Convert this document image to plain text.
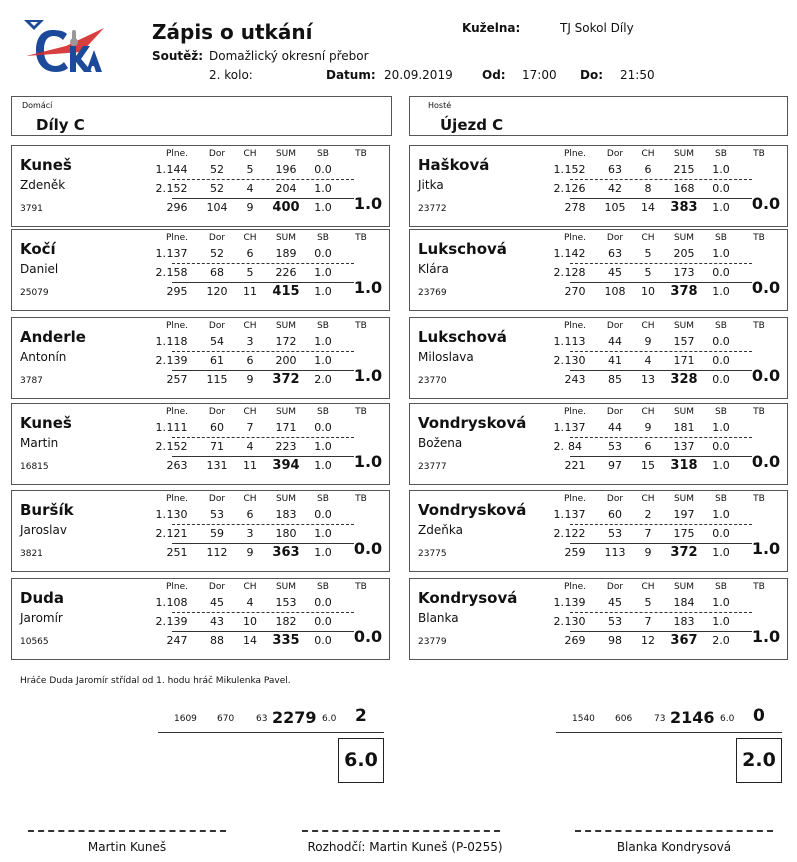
Zápis o utkání	Kuželna:	TJ Sokol Díly
Soutěž: Domažlický okresní přebor
2. kolo:	Datum: 20.09.2019 Od: 17:00 Do: 21:50
Domácí
Díly C
Hosté
Újezd C
Kuneš
Zdeněk
3791
Plne.	Dor	CH	SUM	SB	TB
1. 144	52	5	196	0.0
2. 152	52	4	204	1.0
296	104	9	400	1.0	1.0
Kočí
Daniel
25079
Plne.	Dor	CH	SUM	SB	TB
1. 137	52	6	189	0.0
2. 158	68	5	226	1.0
295	120	11	415	1.0	1.0
Anderle
Antonín
3787
Plne.	Dor	CH	SUM	SB	TB
1. 118	54	3	172	1.0
2. 139	61	6	200	1.0
257	115	9	372	2.0	1.0
Kuneš
Martin
16815
Plne.	Dor	CH	SUM	SB	TB
1. 111	60	7	171	0.0
2. 152	71	4	223	1.0
263	131	11	394	1.0	1.0
Buršík
Jaroslav
3821
Plne.	Dor	CH	SUM	SB	TB
1. 130	53	6	183	0.0
2. 121	59	3	180	1.0
251	112	9	363	1.0	0.0
Duda
Jaromír
10565
Plne.	Dor	CH	SUM	SB	TB
1. 108	45	4	153	0.0
2. 139	43	10	182	0.0
247	88	14	335	0.0	0.0
Hašková
Jitka
23772
Plne.	Dor	CH	SUM	SB	TB
1. 152	63	6	215	1.0
2. 126	42	8	168	0.0
278	105	14	383	1.0	0.0
Lukschová
Klára
23769
Plne.	Dor	CH	SUM	SB	TB
1. 142	63	5	205	1.0
2. 128	45	5	173	0.0
270	108	10	378	1.0	0.0
Lukschová
Miloslava
23770
Plne.	Dor	CH	SUM	SB	TB
1. 113	44	9	157	0.0
2. 130	41	4	171	0.0
243	85	13	328	0.0	0.0
Vondrysková
Božena
23777
Plne.	Dor	CH	SUM	SB	TB
1. 137	44	9	181	1.0
2. 84	53	6	137	0.0
221	97	15	318	1.0	0.0
Vondrysková
Zdeňka
23775
Plne.	Dor	CH	SUM	SB	TB
1. 137	60	2	197	1.0
2. 122	53	7	175	0.0
259	113	9	372	1.0	1.0
Kondrysová
Blanka
23779
Plne.	Dor	CH	SUM	SB	TB
1. 139	45	5	184	1.0
2. 130	53	7	183	1.0
269	98	12	367	2.0	1.0
Hráče Duda Jaromír střídal od 1. hodu hráč Mikulenka Pavel.
1609 670 63 2279 6.0 2
6.0
1540 606 73 2146 6.0 0
2.0
Martin Kuneš	Rozhodčí: Martin Kuneš (P-0255)	Blanka Kondrysová
